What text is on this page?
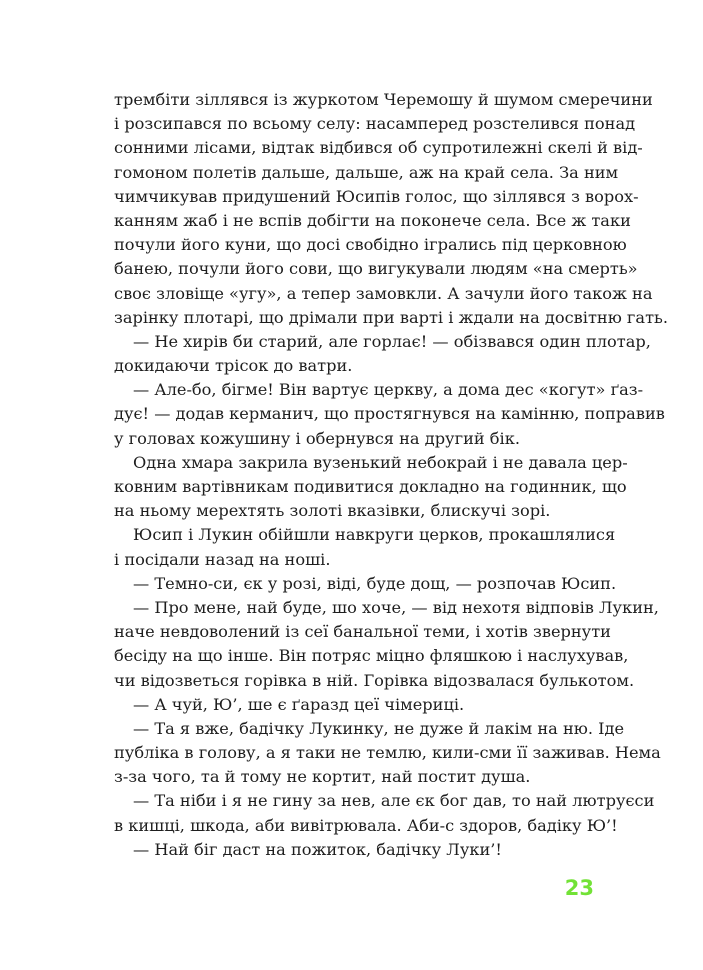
трембіти зіллявся із журкотом Черемошу й шумом смеречини
і розсипався по всьому селу: насамперед розстелився понад
сонними лісами, відтак відбився об супротилежні скелі й від-
гомоном полетів дальше, дальше, аж на край села. За ним
чимчикував придушений Юсипів голос, що зіллявся з ворох-
канням жаб і не вспів добігти на поконече села. Все ж таки
почули його куни, що досі свобідно ігрались під церковною
банею, почули його сови, що вигукували людям «на смерть»
своє зловіще «угу», а тепер замовкли. А зачули його також на
зарінку плотарі, що дрімали при варті і ждали на досвітню гать.
— Не хирів би старий, але горлає! — обізвався один плотар,
докидаючи трісок до ватри.
— Але-бо, бігме! Він вартує церкву, а дома дес «когут» ґаз-
дує! — додав керманич, що простягнувся на камінню, поправив
у головах кожушину і обернувся на другий бік.
Одна хмара закрила вузенький небокрай і не давала цер-
ковним вартівникам подивитися докладно на годинник, що
на ньому мерехтять золоті вказівки, блискучі зорі.
Юсип і Лукин обійшли навкруги церков, прокашлялися
і посідали назад на ноші.
— Темно-си, єк у розі, віді, буде дощ, — розпочав Юсип.
— Про мене, най буде, шо хоче, — від нехотя відповів Лукин,
наче невдоволений із сеї банальної теми, і хотів звернути
бесіду на що інше. Він потряс міцно фляшкою і наслухував,
чи відозветься горівка в ній. Горівка відозвалася бульκотом.
— А чуй, Ю’, ше є ґаразд цеї чімериці.
— Та я вже, бадічку Лукинку, не дуже й лакім на ню. Іде
публіка в голову, а я таки не темлю, кили-сми її заживав. Нема
з-за чого, та й тому не кортит, най постит душа.
— Та ніби і я не гину за нев, але єк бог дав, то най лютруєси
в кишці, шкода, аби вивітрювала. Аби-с здоров, бадіку Ю’!
— Най біг даст на пожиток, бадічку Луки’!
23
